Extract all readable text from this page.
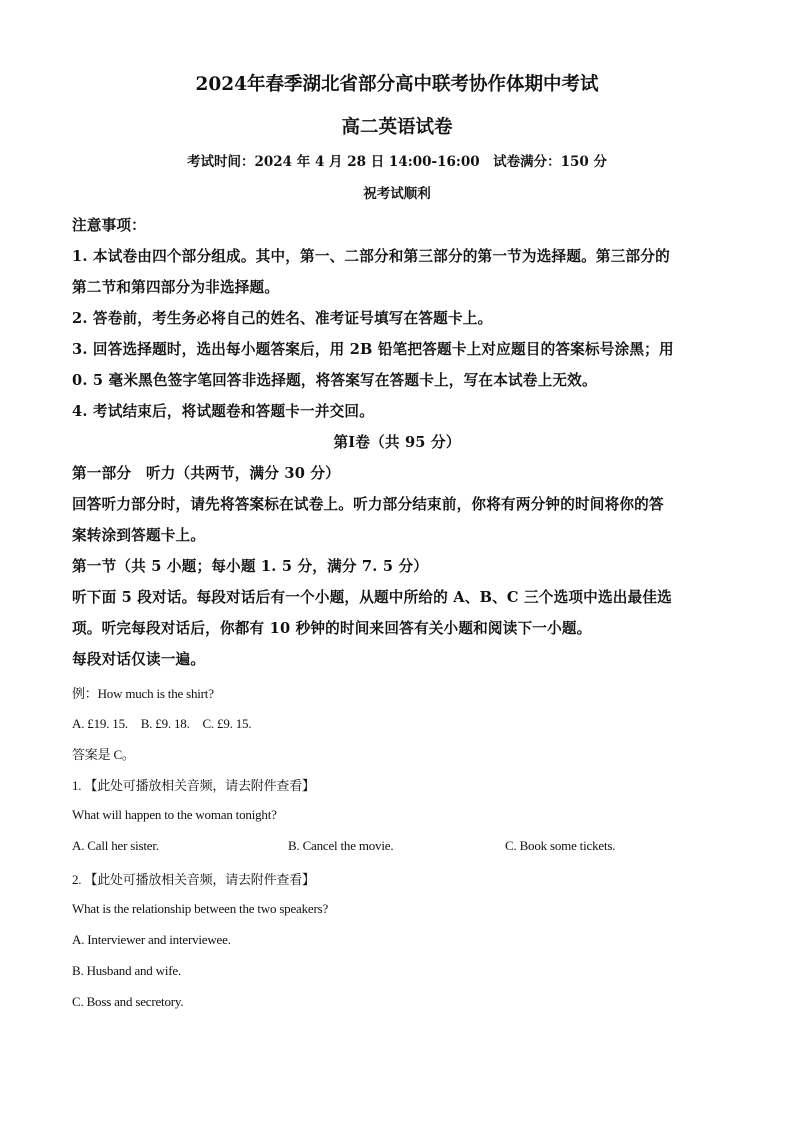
2024年春季湖北省部分高中联考协作体期中考试
高二英语试卷
考试时间：2024 年 4 月 28 日 14:00-16:00　试卷满分：150 分
祝考试顺利
注意事项：
1. 本试卷由四个部分组成。其中，第一、二部分和第三部分的第一节为选择题。第三部分的
第二节和第四部分为非选择题。
2. 答卷前，考生务必将自己的姓名、准考证号填写在答题卡上。
3. 回答选择题时，选出每小题答案后，用 2B 铅笔把答题卡上对应题目的答案标号涂黑；用
0. 5 毫米黑色签字笔回答非选择题，将答案写在答题卡上，写在本试卷上无效。
4. 考试结束后，将试题卷和答题卡一并交回。
第Ⅰ卷（共 95 分）
第一部分　听力（共两节，满分 30 分）
回答听力部分时，请先将答案标在试卷上。听力部分结束前，你将有两分钟的时间将你的答
案转涂到答题卡上。
第一节（共 5 小题；每小题 1. 5 分，满分 7. 5 分）
听下面 5 段对话。每段对话后有一个小题，从题中所给的 A、B、C 三个选项中选出最佳选
项。听完每段对话后，你都有 10 秒钟的时间来回答有关小题和阅读下一小题。
每段对话仅读一遍。
例：How much is the shirt?
A. £19. 15.　B. £9. 18.　C. £9. 15.
答案是 C。
1. 【此处可播放相关音频，请去附件查看】
What will happen to the woman tonight?
A. Call her sister.	B. Cancel the movie.	C. Book some tickets.
2. 【此处可播放相关音频，请去附件查看】
What is the relationship between the two speakers?
A. Interviewer and interviewee.
B. Husband and wife.
C. Boss and secretory.
